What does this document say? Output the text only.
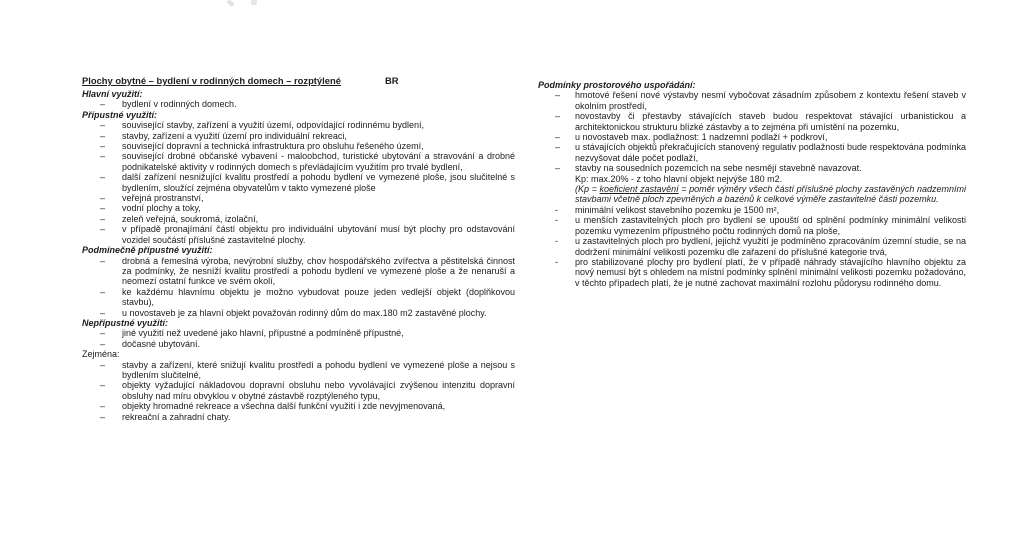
Plochy obytné – bydlení v rodinných domech – rozptýlené	BR
Hlavní využití:
–	bydlení v rodinných domech.
Přípustné využití:
–	související stavby, zařízení a využití území, odpovídající rodinnému bydlení,
–	stavby, zařízení a využití území pro individuální rekreaci,
–	související dopravní a technická infrastruktura pro obsluhu řešeného území,
–	související drobné občanské vybavení - maloobchod, turistické ubytování a stravování a drobné podnikatelské aktivity v rodinných domech s převládajícím využitím pro trvalé bydlení,
–	další zařízení nesnižující kvalitu prostředí a pohodu bydlení ve vymezené ploše, jsou slučitelné s bydlením, sloužící zejména obyvatelům v takto vymezené ploše
–	veřejná prostranství,
–	vodní plochy a toky,
–	zeleň veřejná, soukromá, izolační,
–	v případě pronajímání částí objektu pro individuální ubytování musí být plochy pro odstavování vozidel součástí příslušné zastavitelné plochy.
Podmínečně přípustné využití:
–	drobná a řemeslná výroba, nevýrobní služby, chov hospodářského zvířectva a pěstitelská činnost za podmínky, že nesníží kvalitu prostředí a pohodu bydlení ve vymezené ploše a že nenaruší a neomezí ostatní funkce ve svém okolí,
–	ke každému hlavnímu objektu je možno vybudovat pouze jeden vedlejší objekt (doplňkovou stavbu),
–	u novostaveb je za hlavní objekt považován rodinný dům do max.180 m2 zastavěné plochy.
Nepřípustné využití:
–	jiné využití než uvedené jako hlavní, přípustné a podmíněně přípustné,
–	dočasné ubytování.
Zejména:
–	stavby a zařízení, které snižují kvalitu prostředí a pohodu bydlení ve vymezené ploše a nejsou s bydlením slučitelné,
–	objekty vyžadující nákladovou dopravní obsluhu nebo vyvolávající zvýšenou intenzitu dopravní obsluhy nad míru obvyklou v obytné zástavbě rozptýleného typu,
–	objekty hromadné rekreace a všechna další funkční využití i zde nevyjmenovaná,
–	rekreační a zahradní chaty.
Podmínky prostorového uspořádání:
–	hmotové řešení nové výstavby nesmí vybočovat zásadním způsobem z kontextu řešení staveb v okolním prostředí,
–	novostavby či přestavby stávajících staveb budou respektovat stávající urbanistickou a architektonickou strukturu blízké zástavby a to zejména při umístění na pozemku,
–	u novostaveb max. podlažnost: 1 nadzemní podlaží + podkroví,
–	u stávajících objektů překračujících stanovený regulativ podlažnosti bude respektována podmínka nezvyšovat dále počet podlaží,
–	stavby na sousedních pozemcích na sebe nesmějí stavebně navazovat.
Kp: max.20% - z toho hlavní objekt nejvýše 180 m2.
(Kp = koeficient zastavění = poměr výměry všech částí příslušné plochy zastavěných nadzemními stavbami včetně ploch zpevněných a bazénů k celkové výměře zastavitelné části pozemku.
-	minimální velikost stavebního pozemku je 1500 m²,
-	u menších zastavitelných ploch pro bydlení se upouští od splnění podmínky minimální velikosti pozemku vymezením přípustného počtu rodinných domů na ploše,
-	u zastavitelných ploch pro bydlení, jejichž využití je podmíněno zpracováním územní studie, se na dodržení minimální velikosti pozemku dle zařazení do příslušné kategorie trvá,
-	pro stabilizované plochy pro bydlení platí, že v případě náhrady stávajícího hlavního objektu za nový nemusí být s ohledem na místní podmínky splnění minimální velikosti pozemku požadováno, v těchto případech platí, že je nutné zachovat maximální rozlohu půdorysu rodinného domu.
